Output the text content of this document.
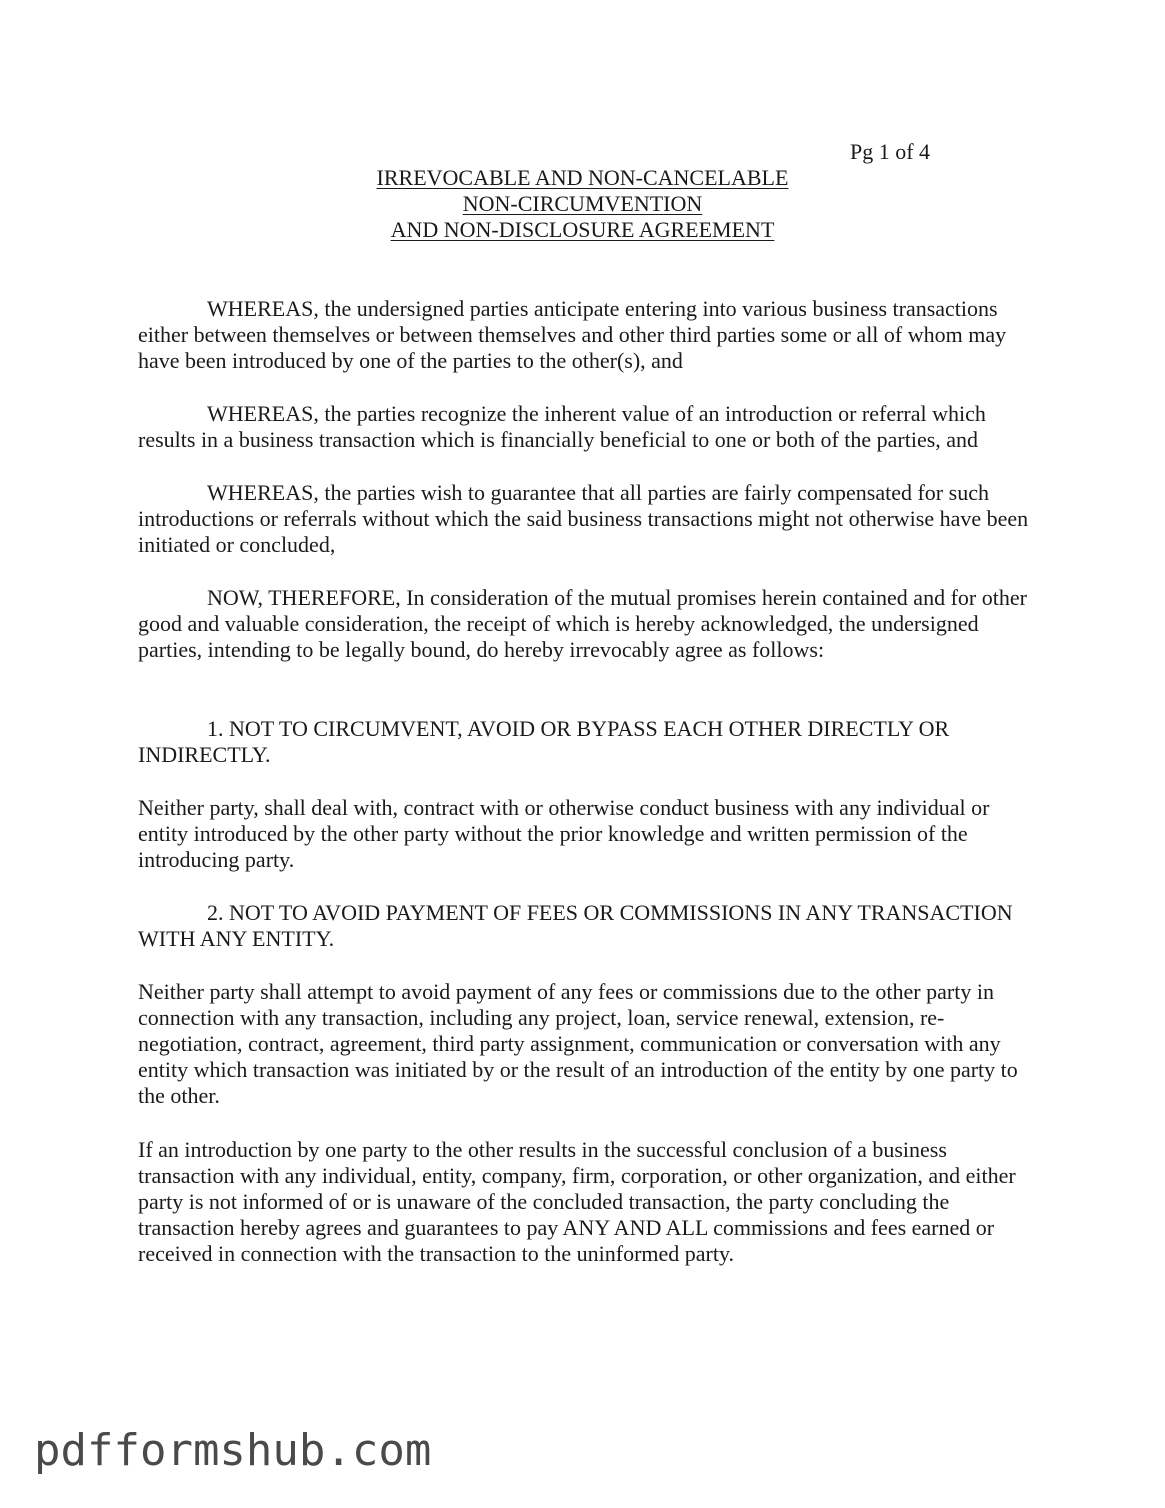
Pg 1 of 4
IRREVOCABLE AND NON-CANCELABLE
NON-CIRCUMVENTION
AND NON-DISCLOSURE AGREEMENT

WHEREAS, the undersigned parties anticipate entering into various business transactions either between themselves or between themselves and other third parties some or all of whom may have been introduced by one of the parties to the other(s), and

WHEREAS, the parties recognize the inherent value of an introduction or referral which results in a business transaction which is financially beneficial to one or both of the parties, and

WHEREAS, the parties wish to guarantee that all parties are fairly compensated for such introductions or referrals without which the said business transactions might not otherwise have been initiated or concluded,

NOW, THEREFORE, In consideration of the mutual promises herein contained and for other good and valuable consideration, the receipt of which is hereby acknowledged, the undersigned parties, intending to be legally bound, do hereby irrevocably agree as follows:

1. NOT TO CIRCUMVENT, AVOID OR BYPASS EACH OTHER DIRECTLY OR INDIRECTLY.

Neither party, shall deal with, contract with or otherwise conduct business with any individual or entity introduced by the other party without the prior knowledge and written permission of the introducing party.

2. NOT TO AVOID PAYMENT OF FEES OR COMMISSIONS IN ANY TRANSACTION WITH ANY ENTITY.

Neither party shall attempt to avoid payment of any fees or commissions due to the other party in connection with any transaction, including any project, loan, service renewal, extension, re-negotiation, contract, agreement, third party assignment, communication or conversation with any entity which transaction was initiated by or the result of an introduction of the entity by one party to the other.

If an introduction by one party to the other results in the successful conclusion of a business transaction with any individual, entity, company, firm, corporation, or other organization, and either party is not informed of or is unaware of the concluded transaction, the party concluding the transaction hereby agrees and guarantees to pay ANY AND ALL commissions and fees earned or received in connection with the transaction to the uninformed party.

pdfformshub.com
